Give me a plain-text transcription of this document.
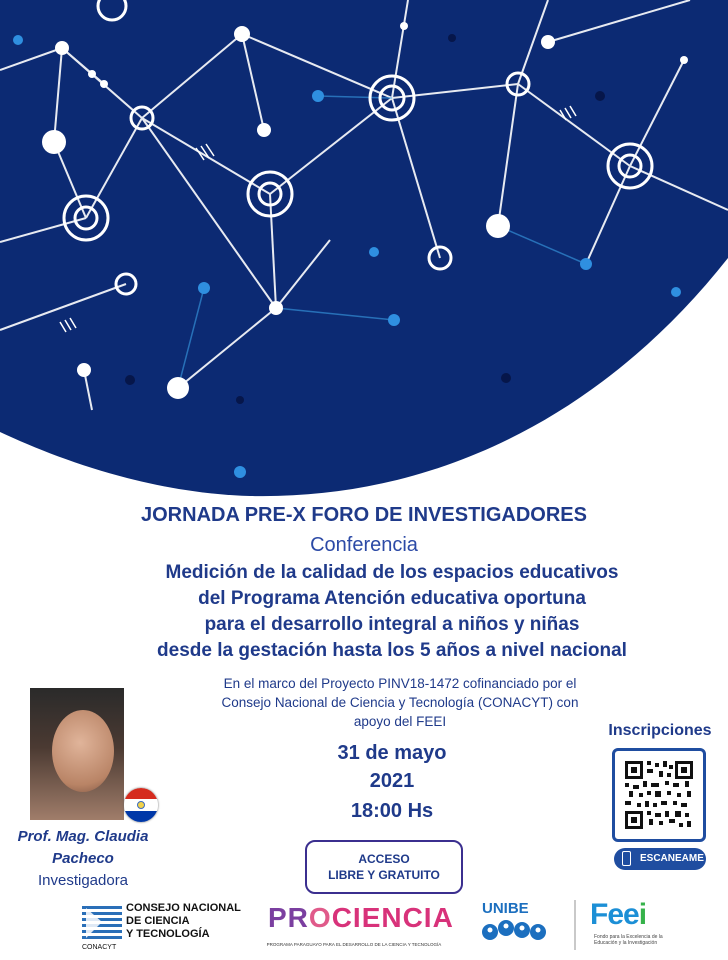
JORNADA PRE-X FORO DE INVESTIGADORES
Conferencia
Medición de la calidad de los espacios educativos
del Programa Atención educativa oportuna
para el desarrollo integral a niños y niñas
desde la gestación hasta los 5 años a nivel nacional
En el marco del Proyecto PINV18-1472 cofinanciado por el
Consejo Nacional de Ciencia y Tecnología (CONACYT) con
apoyo del FEEI
31 de mayo
2021
18:00 Hs
Prof. Mag. Claudia
Pacheco
Investigadora
ACCESO
LIBRE Y GRATUITO
Inscripciones
ESCANEAME
CONSEJO NACIONAL
DE CIENCIA
Y TECNOLOGÍA
CONACYT
PROCIENCIA
PROGRAMA PARAGUAYO PARA EL DESARROLLO DE LA CIENCIA Y TECNOLOGÍA
UNIBE Feei
Fondo para la Excelencia de la Educación y la Investigación
